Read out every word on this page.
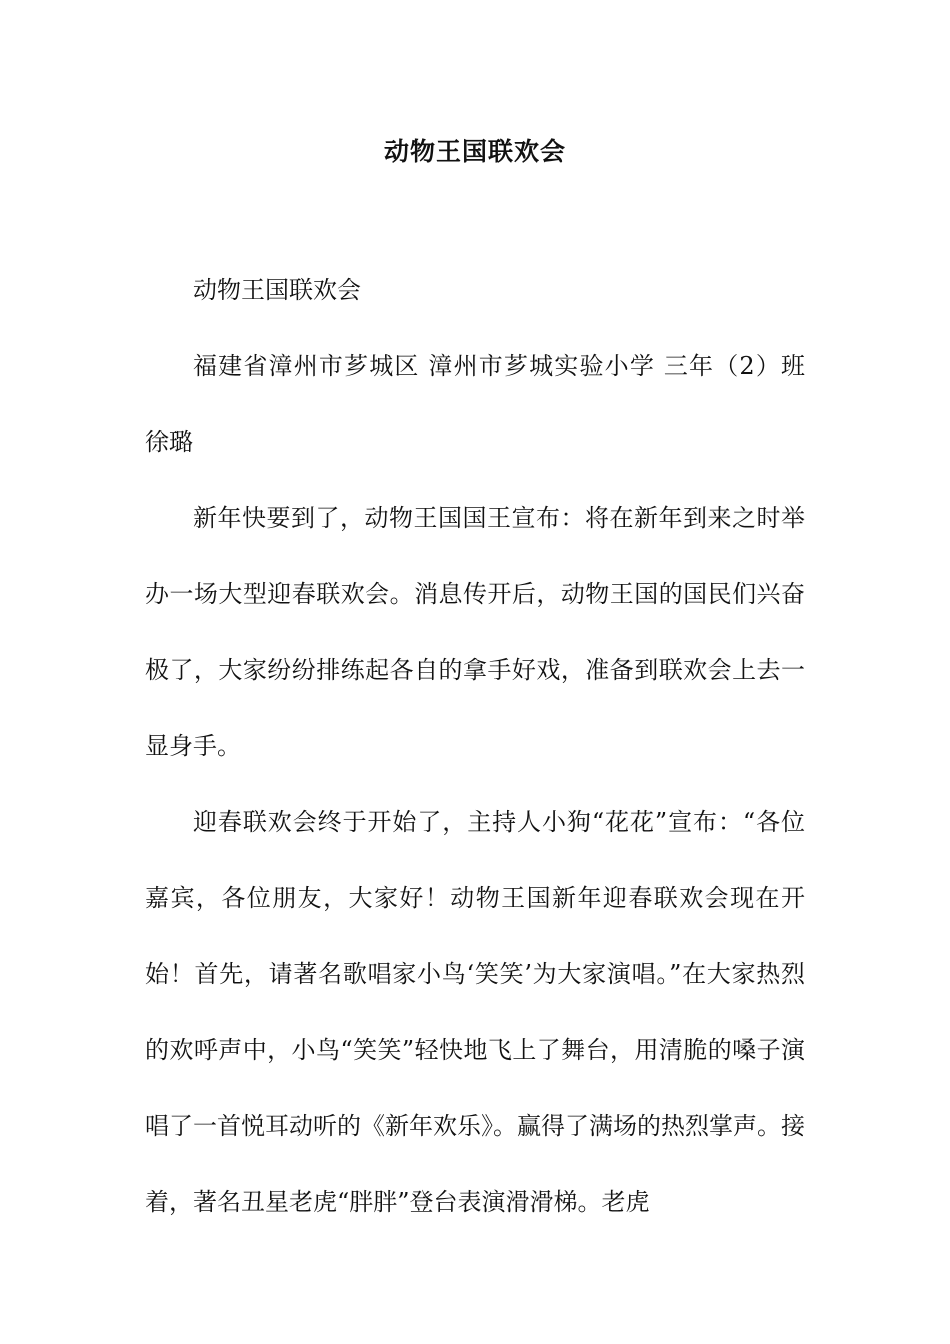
动物王国联欢会

动物王国联欢会

福建省漳州市芗城区 漳州市芗城实验小学 三年（2）班 徐璐

新年快要到了，动物王国国王宣布：将在新年到来之时举办一场大型迎春联欢会。消息传开后，动物王国的国民们兴奋极了，大家纷纷排练起各自的拿手好戏，准备到联欢会上去一显身手。

迎春联欢会终于开始了，主持人小狗“花花”宣布：“各位嘉宾，各位朋友，大家好！动物王国新年迎春联欢会现在开始！首先，请著名歌唱家小鸟‘笑笑’为大家演唱。”在大家热烈的欢呼声中，小鸟“笑笑”轻快地飞上了舞台，用清脆的嗓子演唱了一首悦耳动听的《新年欢乐》。赢得了满场的热烈掌声。接着，著名丑星老虎“胖胖”登台表演滑滑梯。老虎
